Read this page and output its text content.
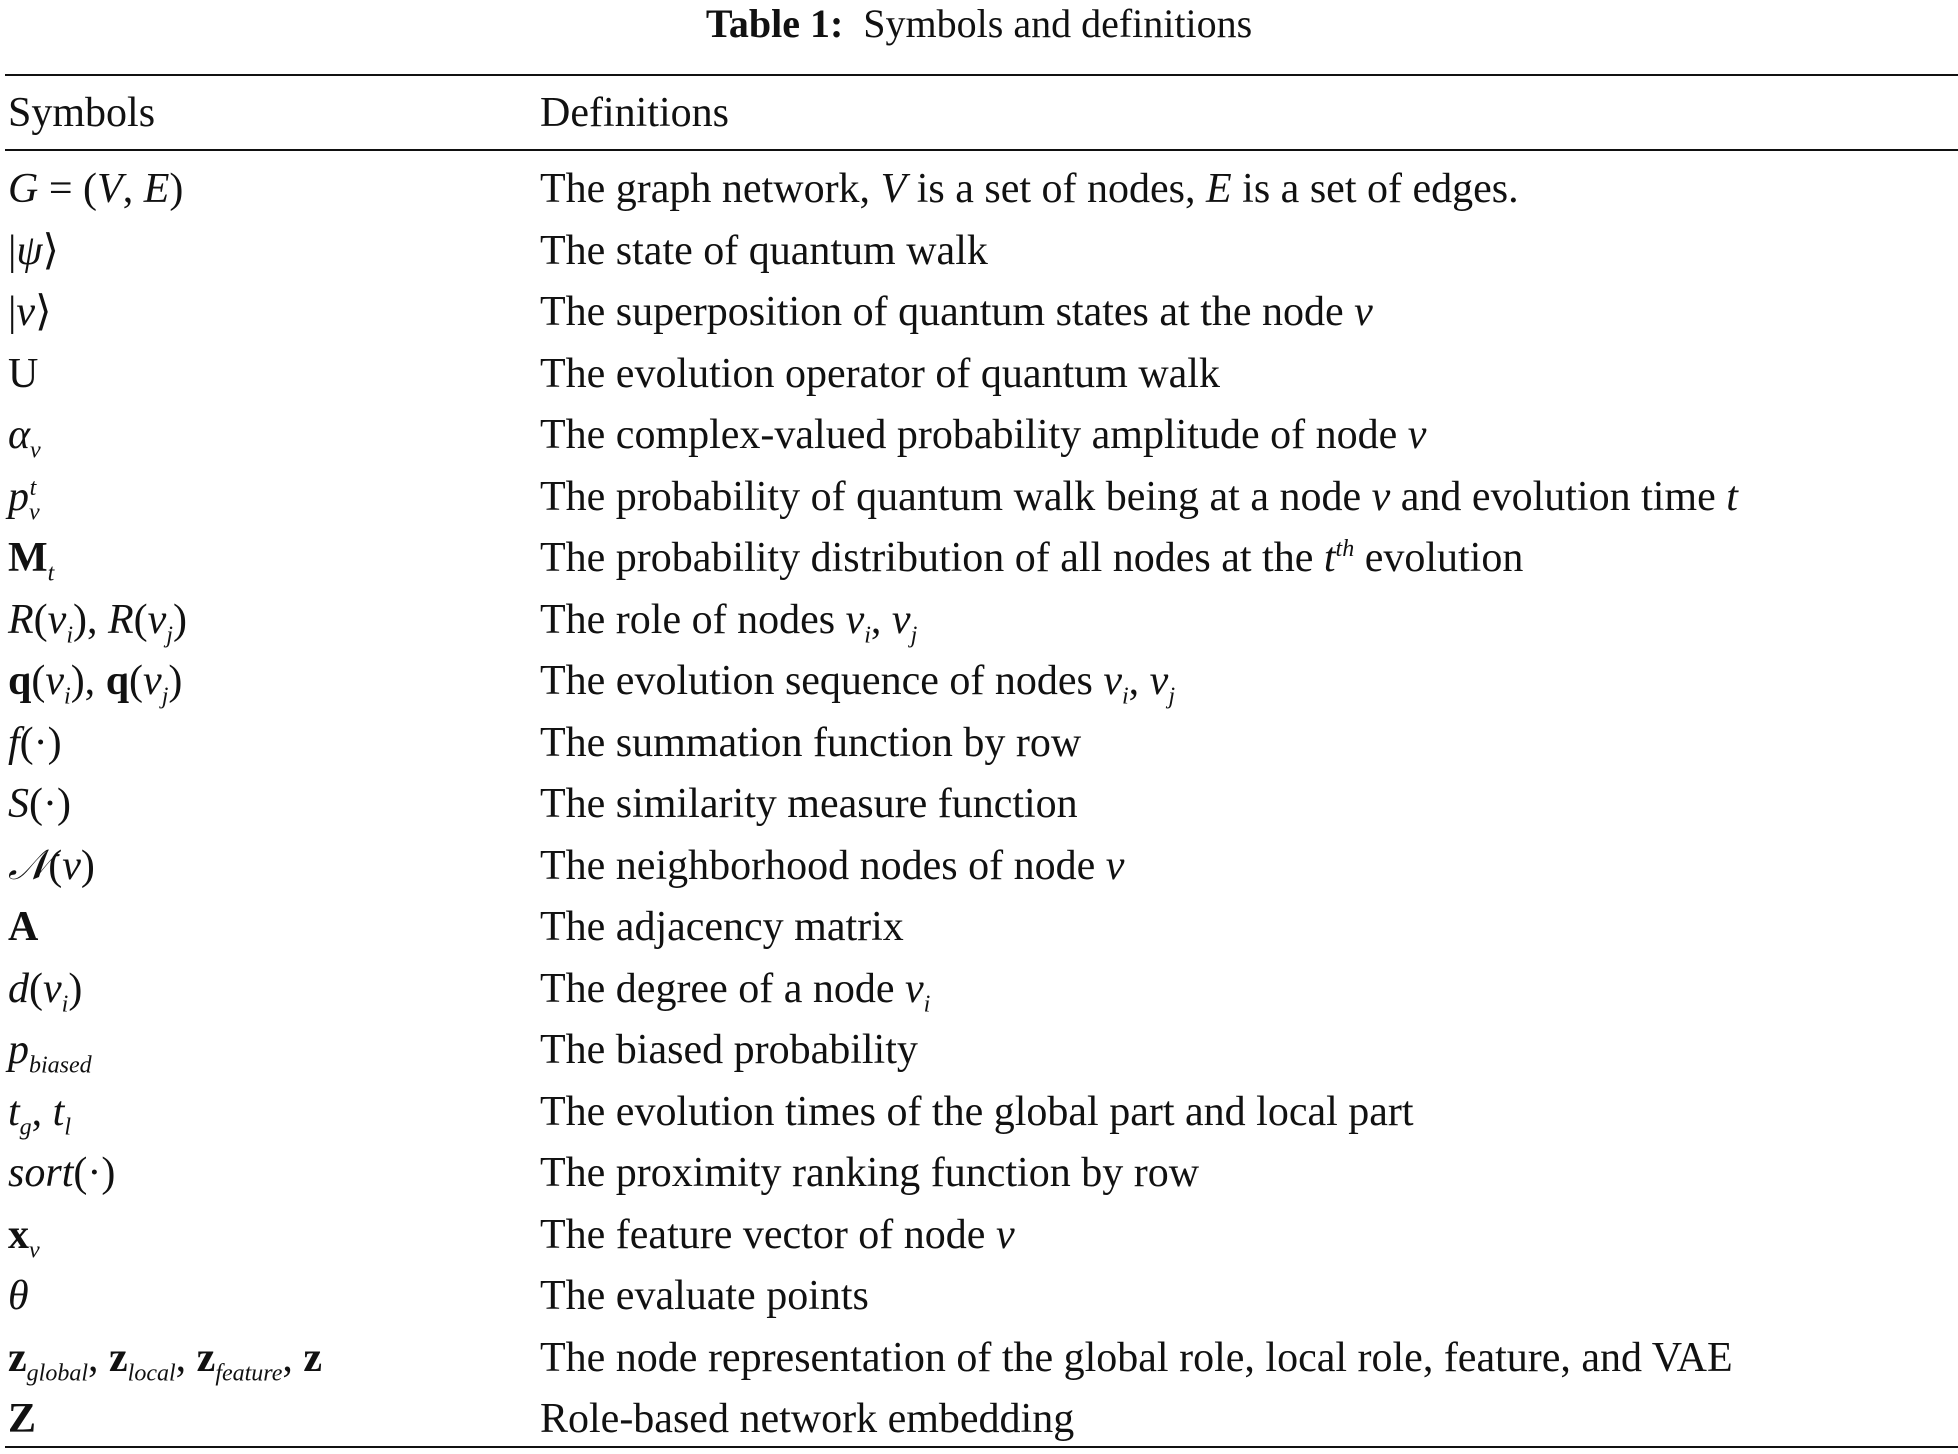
Table 1: Symbols and definitions
Symbols	Definitions
G = (V, E)	The graph network, V is a set of nodes, E is a set of edges.
|ψ⟩	The state of quantum walk
|v⟩	The superposition of quantum states at the node v
U	The evolution operator of quantum walk
$\alpha_v$	The complex-valued probability amplitude of node v
$p_v^t$	The probability of quantum walk being at a node v and evolution time t
$M_t$	The probability distribution of all nodes at the $t^{th}$ evolution
$R(v_i)$, $R(v_j)$	The role of nodes $v_i$, $v_j$
$q(v_i)$, $q(v_j)$	The evolution sequence of nodes $v_i$, $v_j$
f(·)	The summation function by row
S(·)	The similarity measure function
𝒩(v)	The neighborhood nodes of node v
A	The adjacency matrix
$d(v_i)$	The degree of a node $v_i$
$p_{biased}$	The biased probability
$t_g$, $t_l$	The evolution times of the global part and local part
sort(·)	The proximity ranking function by row
$x_v$	The feature vector of node v
θ	The evaluate points
$z_{global}$, $z_{local}$, $z_{feature}$, z	The node representation of the global role, local role, feature, and VAE
Z	Role-based network embedding
